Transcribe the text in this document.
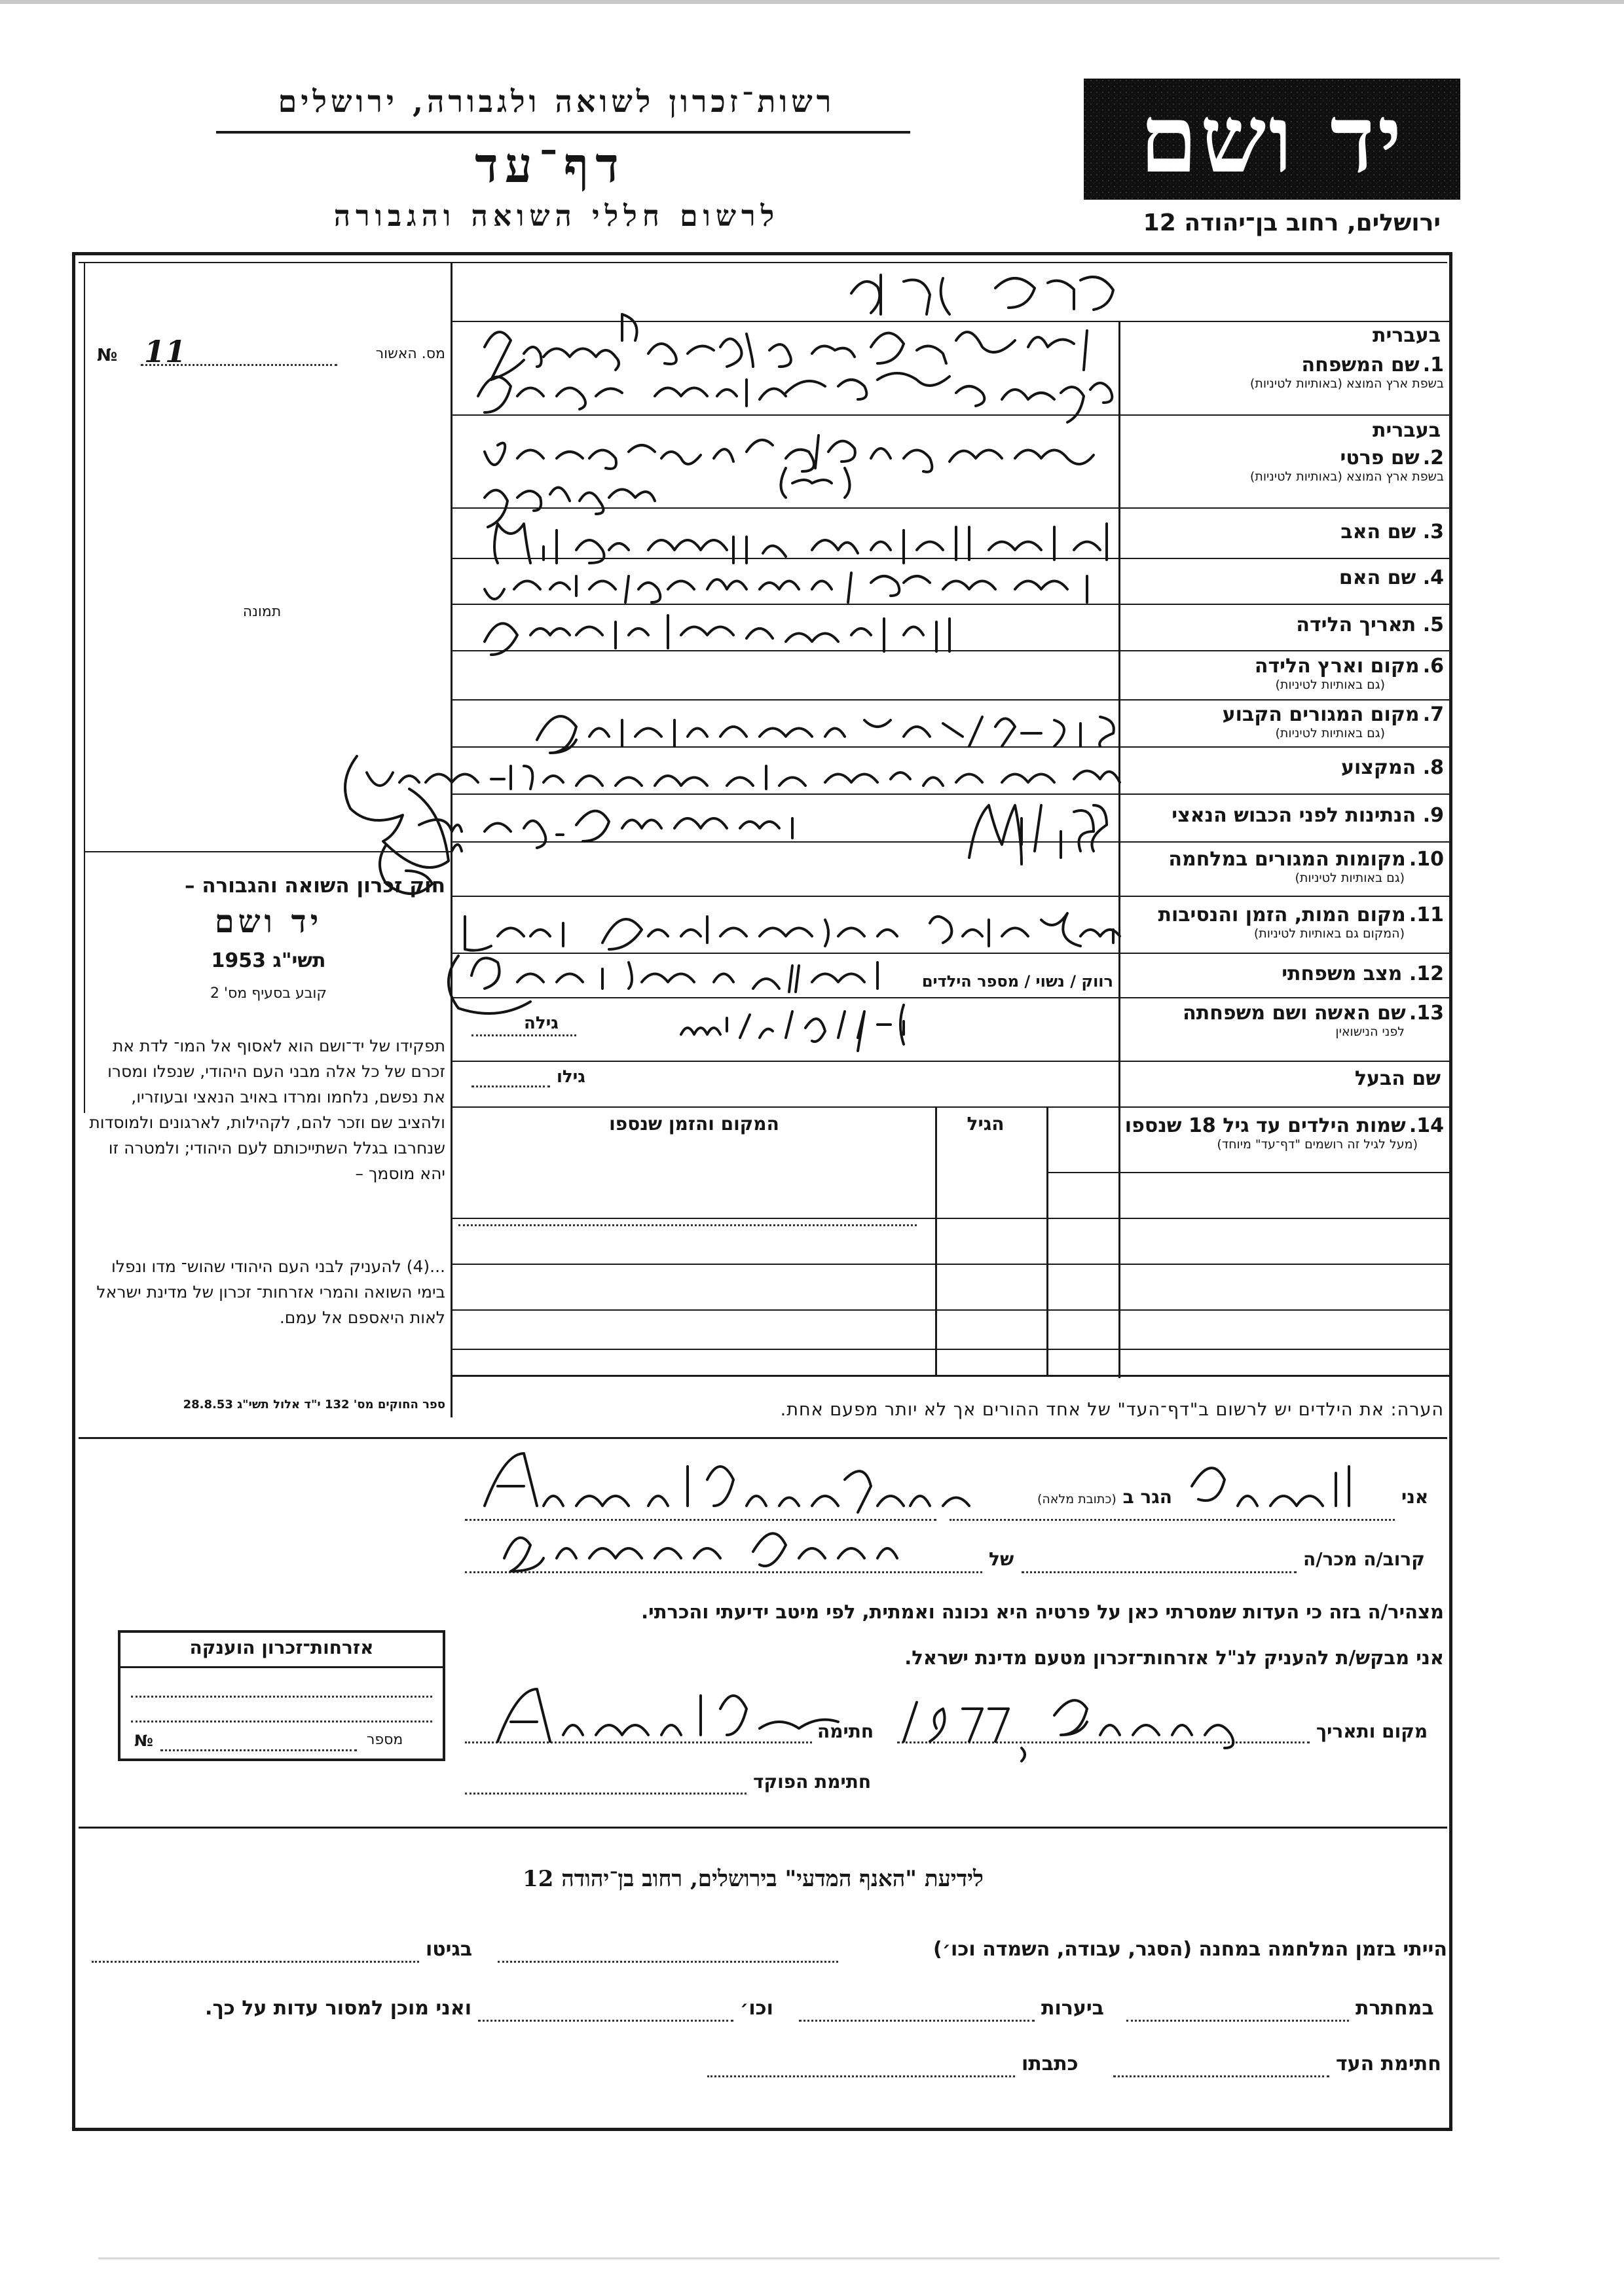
רשות־זכרון לשואה ולגבורה, ירושלים
דף־עד
לרשום חללי השואה והגבורה
יד ושם
ירושלים, רחוב בן־יהודה 12
תמונה
מס. האשור
№ 11	בעברית
בעברית
1. שם המשפחה
בשפת ארץ המוצא (באותיות לטיניות)
2. שם פרטי
בשפת ארץ המוצא (באותיות לטיניות)
3. שם האב
4. שם האם
5. תאריך הלידה
6. מקום וארץ הלידה
(גם באותיות לטיניות)
7. מקום המגורים הקבוע
(גם באותיות לטיניות)
8. המקצוע
9. הנתינות לפני הכבוש הנאצי
10. מקומות המגורים במלחמה
(גם באותיות לטיניות)
11. מקום המות, הזמן והנסיבות
(המקום גם באותיות לטיניות)
12. מצב משפחתי
13. שם האשה ושם משפחתה
לפני הנישואין
רווק / נשוי / מספר הילדים
גילה
שם הבעל
גילו
14. שמות הילדים עד גיל 18 שנספו
(מעל לגיל זה רושמים "דף־עד" מיוחד)
הגיל
המקום והזמן שנספו
הערה: את הילדים יש לרשום ב"דף־העד" של אחד ההורים אך לא יותר מפעם אחת.
אני
הגר ב (כתובת מלאה)
קרוב/ה מכר/ה
של
מצהיר/ה בזה כי העדות שמסרתי כאן על פרטיה היא נכונה ואמתית, לפי מיטב ידיעתי והכרתי.
אני מבקש/ת להעניק לנ"ל אזרחות־זכרון מטעם מדינת ישראל.
מקום ותאריך
חתימה
חתימת הפוקד
אזרחות־זכרון הוענקה
מספר
№
חוק זכרון השואה והגבורה –
יד ושם
תשי"ג 1953
קובע בסעיף מס' 2
תפקידו של יד־ושם הוא לאסוף אל המו־ לדת את זכרם של כל אלה מבני העם היהודי, שנפלו ומסרו את נפשם, נלחמו ומרדו באויב הנאצי ובעוזריו, ולהציב שם וזכר להם, לקהילות, לארגונים ולמוסדות שנחרבו בגלל השתייכותם לעם היהודי; ולמטרה זו יהא מוסמך –
...(4) להעניק לבני העם היהודי שהוש־ מדו ונפלו בימי השואה והמרי אזרחות־ זכרון של מדינת ישראל לאות היאספם אל עמם.
ספר החוקים מס' 132 י"ד אלול תשי"ג 28.8.53
לידיעת "האנף המדעי" בירושלים, רחוב בן־יהודה 12
הייתי בזמן המלחמה במחנה (הסגר, עבודה, השמדה וכו׳)
בגיטו
במחתרת
ביערות
וכו׳
ואני מוכן למסור עדות על כך.
חתימת העד
כתבתו
